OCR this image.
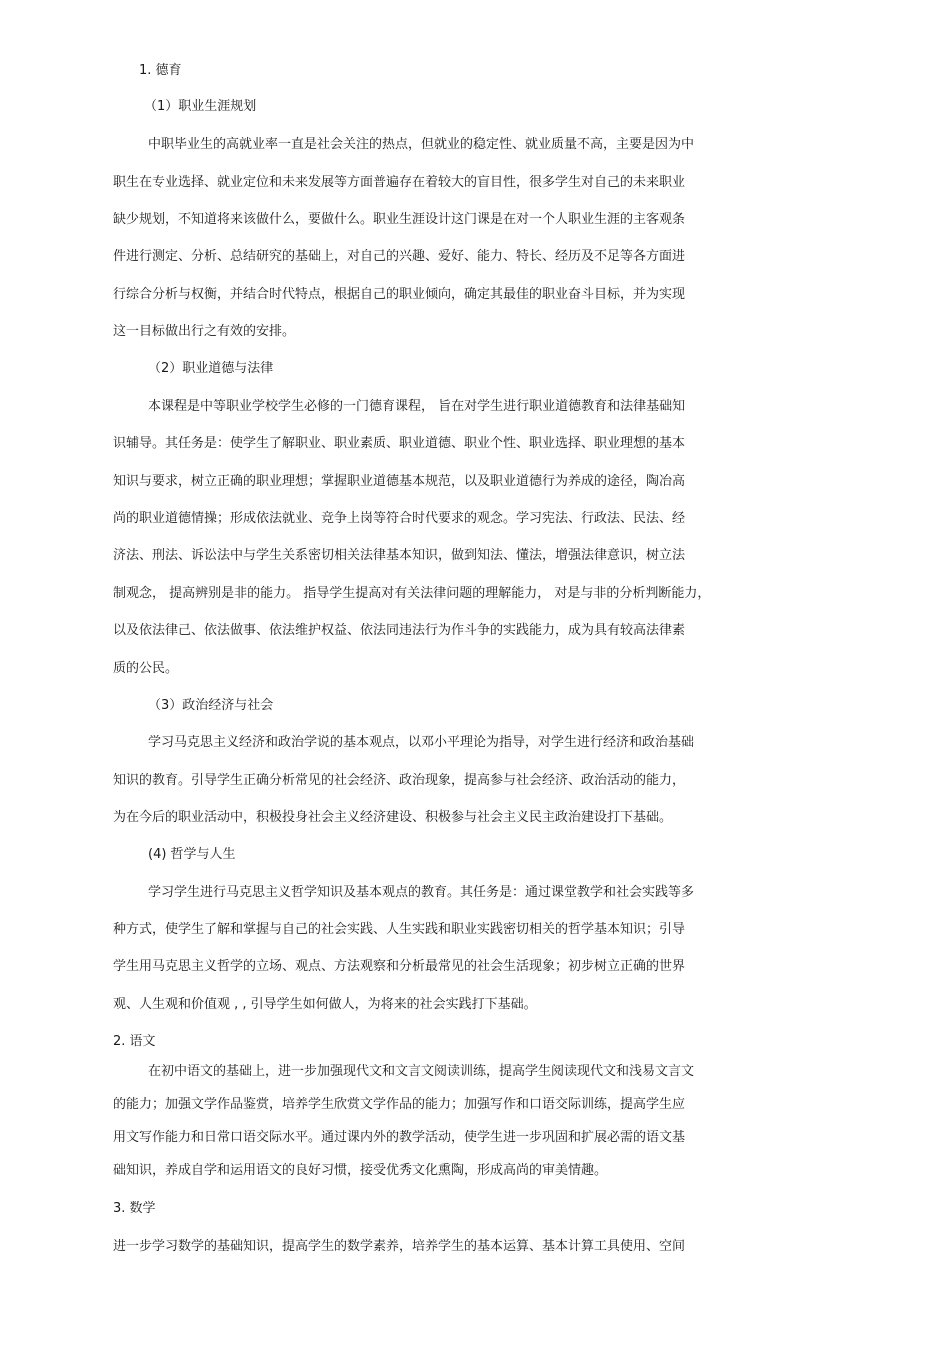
1. 德育

（1）职业生涯规划

中职毕业生的高就业率一直是社会关注的热点，但就业的稳定性、就业质量不高，主要是因为中

职生在专业选择、就业定位和未来发展等方面普遍存在着较大的盲目性，很多学生对自己的未来职业

缺少规划，不知道将来该做什么，要做什么。职业生涯设计这门课是在对一个人职业生涯的主客观条

件进行测定、分析、总结研究的基础上，对自己的兴趣、爱好、能力、特长、经历及不足等各方面进

行综合分析与权衡，并结合时代特点，根据自己的职业倾向，确定其最佳的职业奋斗目标，并为实现

这一目标做出行之有效的安排。

（2）职业道德与法律

本课程是中等职业学校学生必修的一门德育课程， 旨在对学生进行职业道德教育和法律基础知

识辅导。其任务是：使学生了解职业、职业素质、职业道德、职业个性、职业选择、职业理想的基本

知识与要求，树立正确的职业理想；掌握职业道德基本规范，以及职业道德行为养成的途径，陶冶高

尚的职业道德情操；形成依法就业、竞争上岗等符合时代要求的观念。学习宪法、行政法、民法、经

济法、刑法、诉讼法中与学生关系密切相关法律基本知识，做到知法、懂法，增强法律意识，树立法

制观念， 提高辨别是非的能力。 指导学生提高对有关法律问题的理解能力， 对是与非的分析判断能力，

以及依法律己、依法做事、依法维护权益、依法同违法行为作斗争的实践能力，成为具有较高法律素

质的公民。

（3）政治经济与社会

学习马克思主义经济和政治学说的基本观点，以邓小平理论为指导，对学生进行经济和政治基础

知识的教育。引导学生正确分析常见的社会经济、政治现象，提高参与社会经济、政治活动的能力，

为在今后的职业活动中，积极投身社会主义经济建设、积极参与社会主义民主政治建设打下基础。

(4) 哲学与人生

学习学生进行马克思主义哲学知识及基本观点的教育。其任务是：通过课堂教学和社会实践等多

种方式，使学生了解和掌握与自己的社会实践、人生实践和职业实践密切相关的哲学基本知识；引导

学生用马克思主义哲学的立场、观点、方法观察和分析最常见的社会生活现象；初步树立正确的世界

观、人生观和价值观 , , 引导学生如何做人，为将来的社会实践打下基础。

2. 语文

在初中语文的基础上，进一步加强现代文和文言文阅读训练，提高学生阅读现代文和浅易文言文

的能力；加强文学作品鉴赏，培养学生欣赏文学作品的能力；加强写作和口语交际训练，提高学生应

用文写作能力和日常口语交际水平。通过课内外的教学活动，使学生进一步巩固和扩展必需的语文基

础知识，养成自学和运用语文的良好习惯，接受优秀文化熏陶，形成高尚的审美情趣。

3. 数学

进一步学习数学的基础知识，提高学生的数学素养，培养学生的基本运算、基本计算工具使用、空间
